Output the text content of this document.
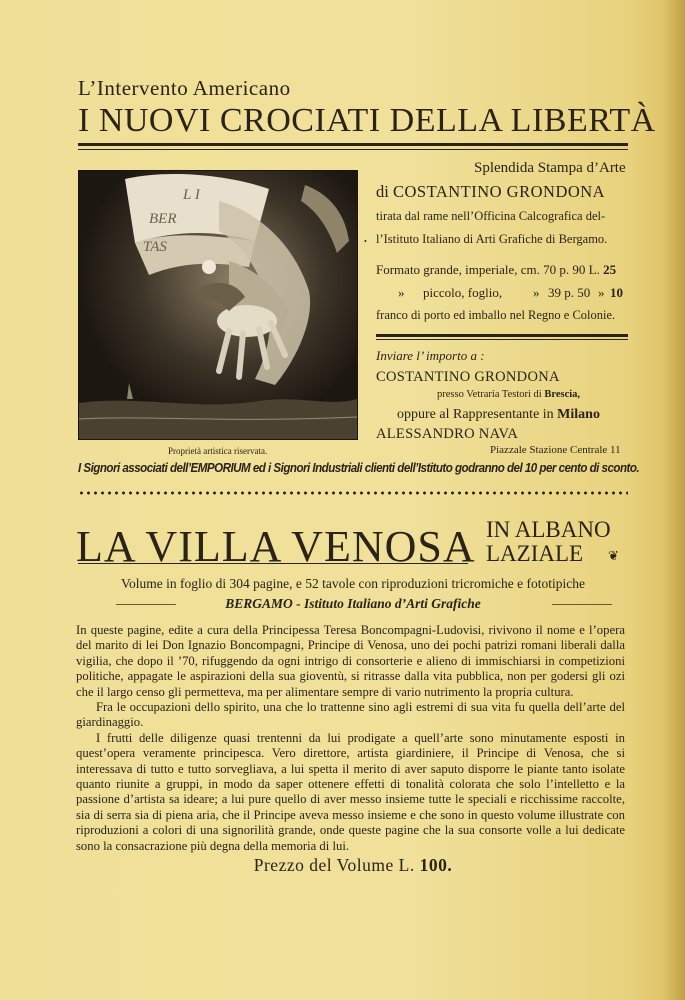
L’Intervento Americano
I NUOVI CROCIATI DELLA LIBERTÀ
L I
BER
TAS
Proprietà artistica riservata.
Splendida Stampa d’Arte
di COSTANTINO GRONDONA
tirata dal rame nell’Officina Calcografica del-
l’Istituto Italiano di Arti Grafiche di Bergamo.
•
Formato grande, imperiale, cm. 70 p. 90 L. 25
» piccolo, foglio, » 39 p. 50 » 10
franco di porto ed imballo nel Regno e Colonie.
Inviare l’ importo a :
COSTANTINO GRONDONA
presso Vetraria Testori di Brescia,
oppure al Rappresentante in Milano
ALESSANDRO NAVA
Piazzale Stazione Centrale 11
I Signori associati dell’EMPORIUM ed i Signori Industriali clienti dell’Istituto godranno del 10 per cento di sconto.
LA VILLA VENOSA IN ALBANO
LAZIALE	❦
Volume in foglio di 304 pagine, e 52 tavole con riproduzioni tricromiche e fototipiche
BERGAMO - Istituto Italiano d’Arti Grafiche

In queste pagine, edite a cura della Principessa Teresa Boncompagni-Ludovisi, rivivono il nome e l’opera del marito di lei Don Ignazio Boncompagni, Principe di Venosa, uno dei pochi patrizi romani liberali dalla vigilia, che dopo il ’70, rifuggendo da ogni intrigo di consorterie e alieno di immischiarsi in competizioni politiche, appagate le aspirazioni della sua gioventù, si ritrasse dalla vita pubblica, non per godersi gli ozi che il largo censo gli permetteva, ma per alimentare sempre di vario nutrimento la propria cultura.

Fra le occupazioni dello spirito, una che lo trattenne sino agli estremi di sua vita fu quella dell’arte del giardinaggio.

I frutti delle diligenze quasi trentenni da lui prodigate a quell’arte sono minutamente esposti in quest’opera veramente principesca. Vero direttore, artista giardiniere, il Principe di Venosa, che si interessava di tutto e tutto sorvegliava, a lui spetta il merito di aver saputo disporre le piante tanto isolate quanto riunite a gruppi, in modo da saper ottenere effetti di tonalità colorata che solo l’intelletto e la passione d’artista sa ideare; a lui pure quello di aver messo insieme tutte le speciali e ricchissime raccolte, sia di serra sia di piena aria, che il Principe aveva messo insieme e che sono in questo volume illustrate con riproduzioni a colori di una signorilità grande, onde queste pagine che la sua consorte volle a lui dedicate sono la consacrazione più degna della memoria di lui.

Prezzo del Volume L. 100.
